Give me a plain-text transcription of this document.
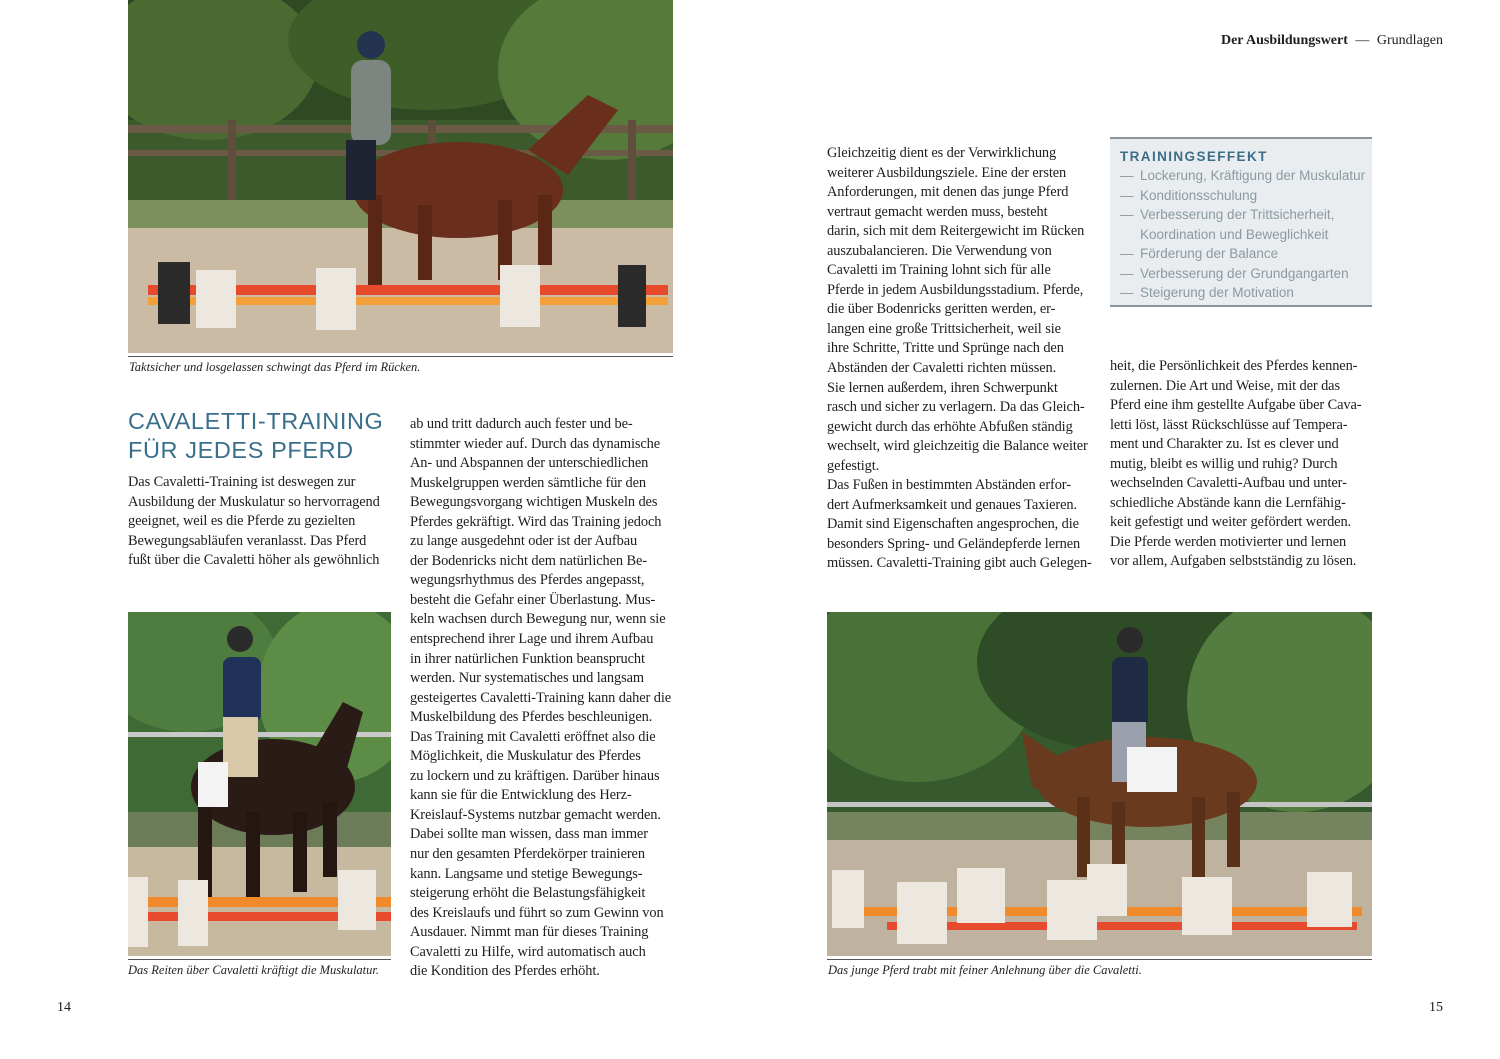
Taktsicher und losgelassen schwingt das Pferd im Rücken.
CAVALETTI-TRAINING
FÜR JEDES PFERD

Das Cavaletti-Training ist deswegen zur

Ausbildung der Muskulatur so hervorragend

geeignet, weil es die Pferde zu gezielten

Bewegungsabläufen veranlasst. Das Pferd

fußt über die Cavaletti höher als gewöhnlich

Das Reiten über Cavaletti kräftigt die Muskulatur.

ab und tritt dadurch auch fester und be-

stimmter wieder auf. Durch das dynamische

An- und Abspannen der unterschiedlichen

Muskelgruppen werden sämtliche für den

Bewegungsvorgang wichtigen Muskeln des

Pferdes gekräftigt. Wird das Training jedoch

zu lange ausgedehnt oder ist der Aufbau

der Bodenricks nicht dem natürlichen Be-

wegungsrhythmus des Pferdes angepasst,

besteht die Gefahr einer Überlastung. Mus-

keln wachsen durch Bewegung nur, wenn sie

entsprechend ihrer Lage und ihrem Aufbau

in ihrer natürlichen Funktion beansprucht

werden. Nur systematisches und langsam

gesteigertes Cavaletti-Training kann daher die

Muskelbildung des Pferdes beschleunigen.

Das Training mit Cavaletti eröffnet also die

Möglichkeit, die Muskulatur des Pferdes

zu lockern und zu kräftigen. Darüber hinaus

kann sie für die Entwicklung des Herz-

Kreislauf-Systems nutzbar gemacht werden.

Dabei sollte man wissen, dass man immer

nur den gesamten Pferdekörper trainieren

kann. Langsame und stetige Bewegungs-

steigerung erhöht die Belastungsfähigkeit

des Kreislaufs und führt so zum Gewinn von

Ausdauer. Nimmt man für dieses Training

Cavaletti zu Hilfe, wird automatisch auch

die Kondition des Pferdes erhöht.

14
Der Ausbildungswert — Grundlagen

Gleichzeitig dient es der Verwirklichung

weiterer Ausbildungsziele. Eine der ersten

Anforderungen, mit denen das junge Pferd

vertraut gemacht werden muss, besteht

darin, sich mit dem Reitergewicht im Rücken

auszubalancieren. Die Verwendung von

Cavaletti im Training lohnt sich für alle

Pferde in jedem Ausbildungsstadium. Pferde,

die über Bodenricks geritten werden, er-

langen eine große Trittsicherheit, weil sie

ihre Schritte, Tritte und Sprünge nach den

Abständen der Cavaletti richten müssen.

Sie lernen außerdem, ihren Schwerpunkt

rasch und sicher zu verlagern. Da das Gleich-

gewicht durch das erhöhte Abfußen ständig

wechselt, wird gleichzeitig die Balance weiter

gefestigt.

Das Fußen in bestimmten Abständen erfor-

dert Aufmerksamkeit und genaues Taxieren.

Damit sind Eigenschaften angesprochen, die

besonders Spring- und Geländepferde lernen

müssen. Cavaletti-Training gibt auch Gelegen-

TRAININGSEFFEKT
— Lockerung, Kräftigung der Muskulatur
— Konditionsschulung
— Verbesserung der Trittsicherheit,
Koordination und Beweglichkeit
— Förderung der Balance
— Verbesserung der Grundgangarten
— Steigerung der Motivation

heit, die Persönlichkeit des Pferdes kennen-

zulernen. Die Art und Weise, mit der das

Pferd eine ihm gestellte Aufgabe über Cava-

letti löst, lässt Rückschlüsse auf Tempera-

ment und Charakter zu. Ist es clever und

mutig, bleibt es willig und ruhig? Durch

wechselnden Cavaletti-Aufbau und unter-

schiedliche Abstände kann die Lernfähig-

keit gefestigt und weiter gefördert werden.

Die Pferde werden motivierter und lernen

vor allem, Aufgaben selbstständig zu lösen.

Das junge Pferd trabt mit feiner Anlehnung über die Cavaletti.
15
